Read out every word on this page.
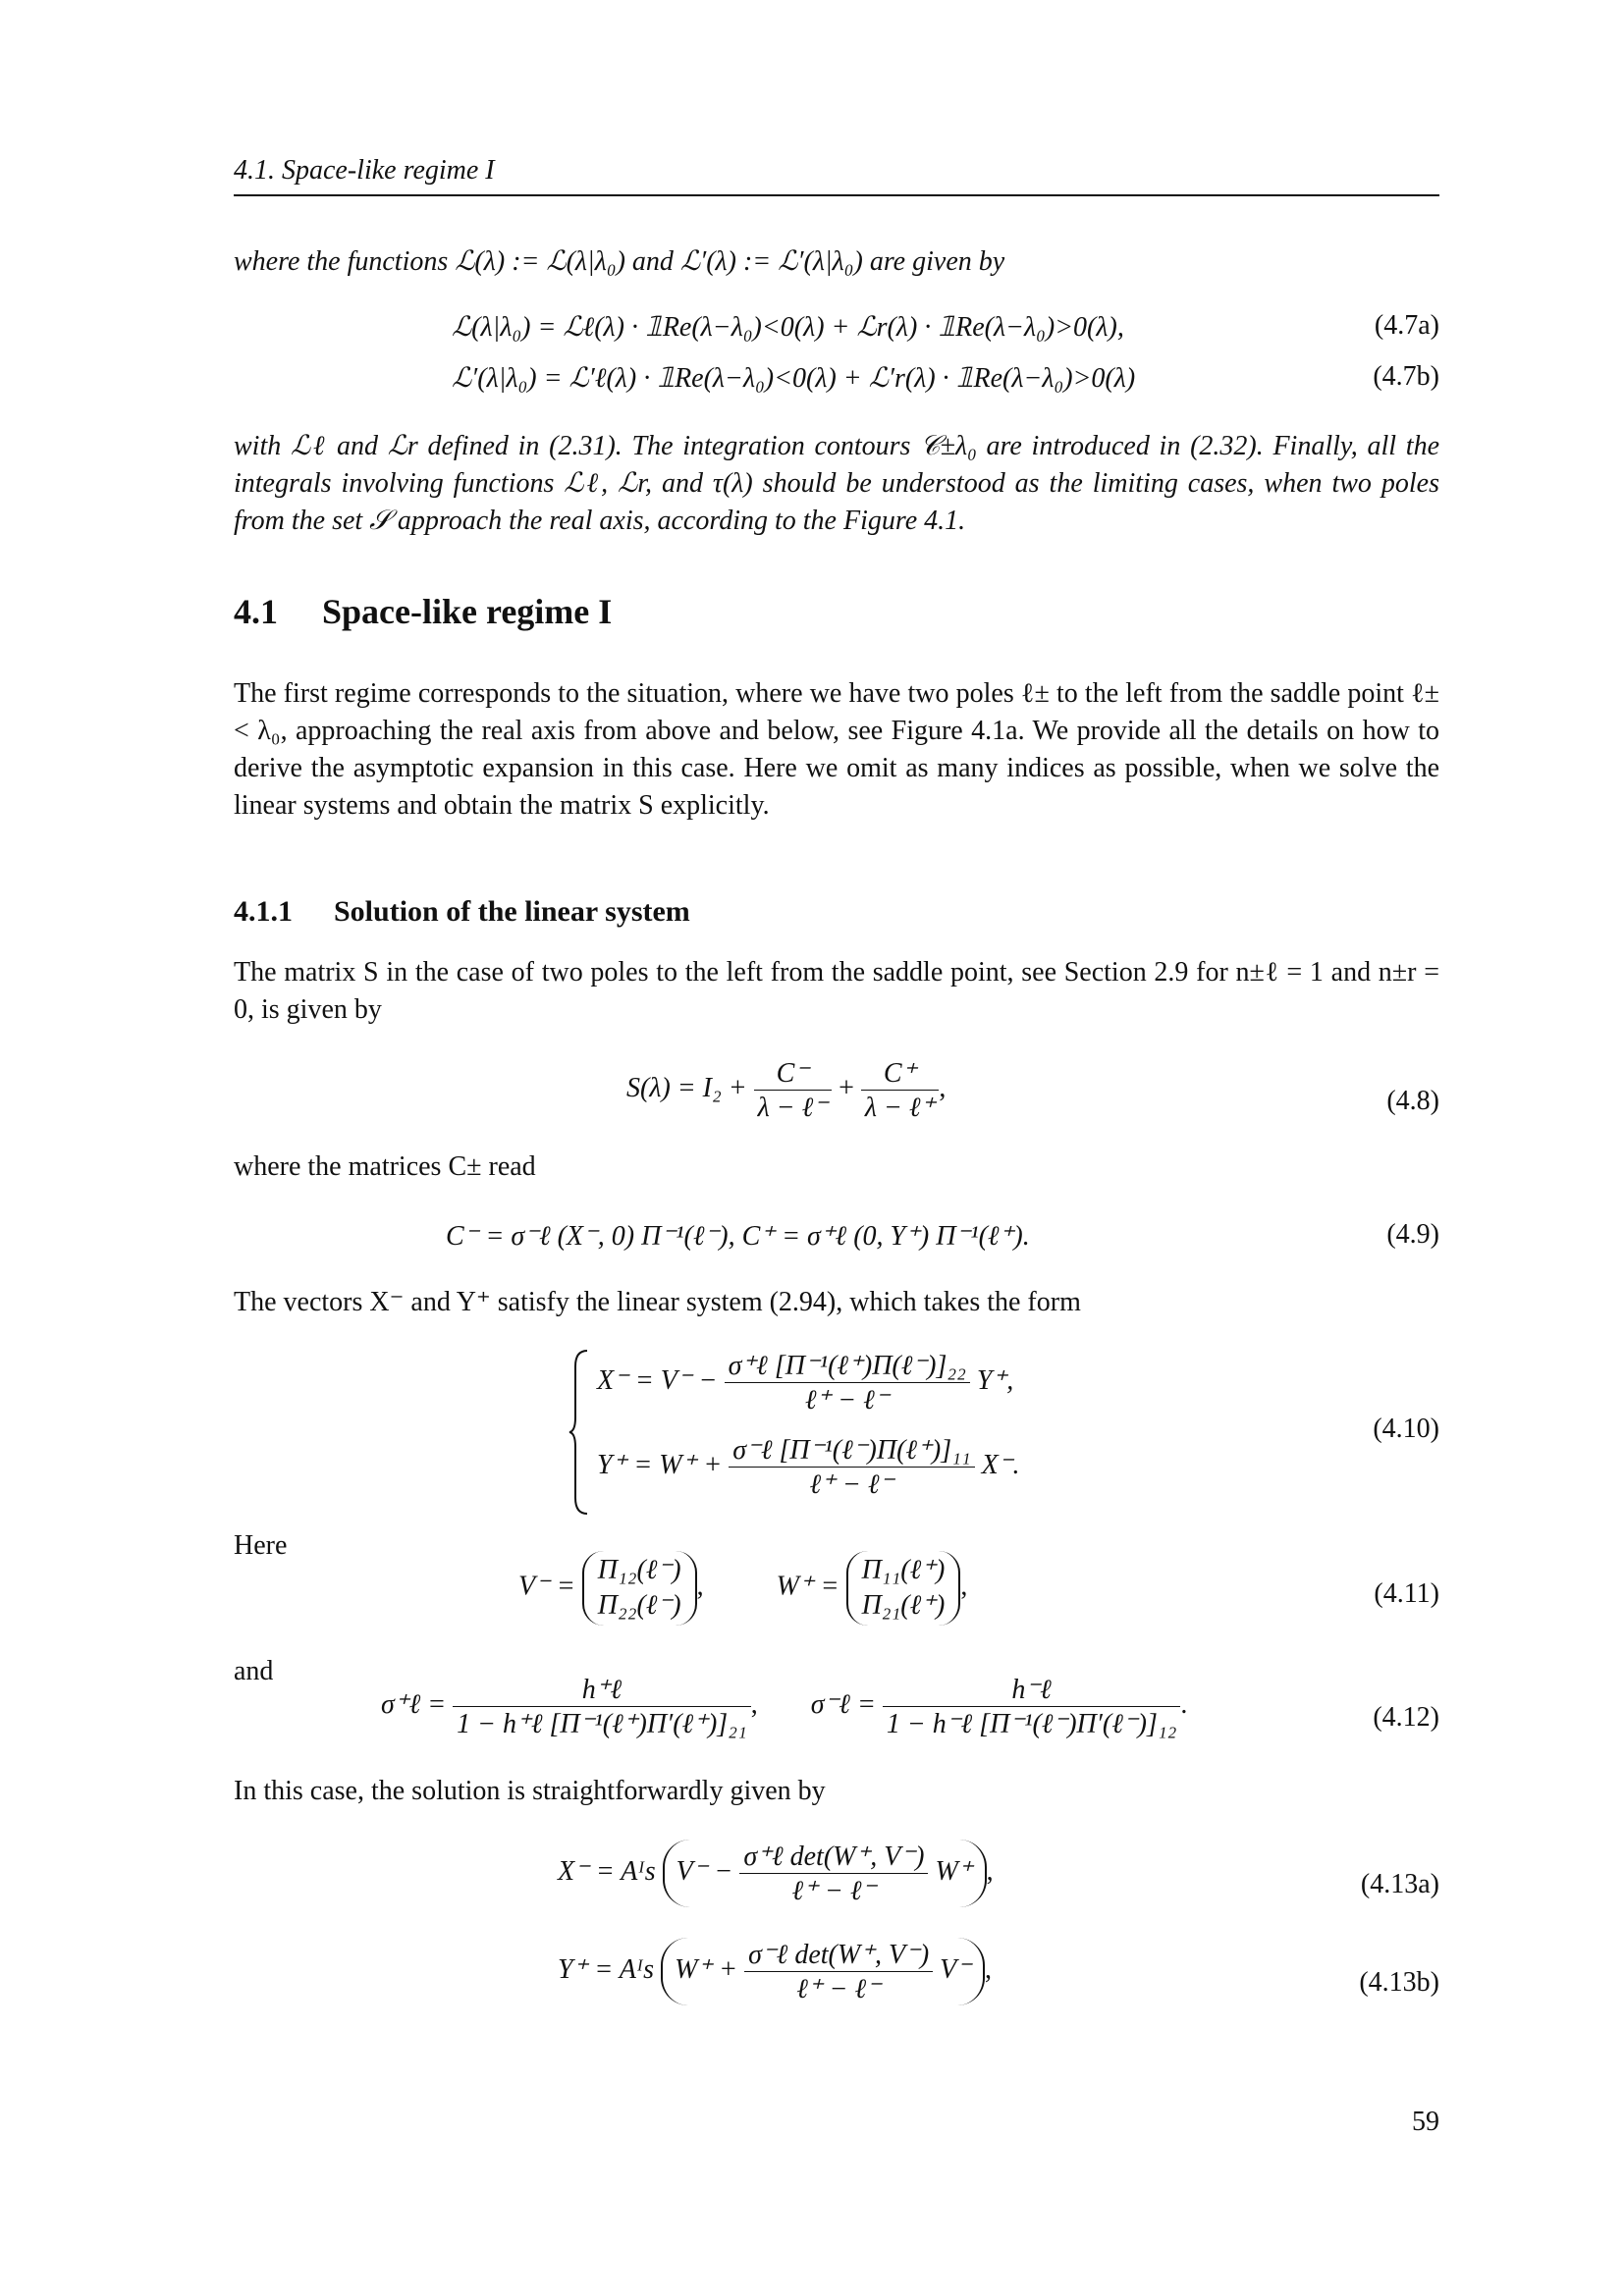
4.1. Space-like regime I
where the functions ℒ(λ) := ℒ(λ|λ₀) and ℒ′(λ) := ℒ′(λ|λ₀) are given by
ℒ(λ|λ₀) = ℒℓ(λ) · 𝟙Re(λ−λ₀)<0(λ) + ℒr(λ) · 𝟙Re(λ−λ₀)>0(λ),	(4.7a)
ℒ′(λ|λ₀) = ℒ′ℓ(λ) · 𝟙Re(λ−λ₀)<0(λ) + ℒ′r(λ) · 𝟙Re(λ−λ₀)>0(λ)	(4.7b)
with ℒℓ and ℒr defined in (2.31). The integration contours 𝒞±λ₀ are introduced in (2.32). Finally, all the integrals involving functions ℒℓ, ℒr, and τ(λ) should be understood as the limiting cases, when two poles from the set 𝒮 approach the real axis, according to the Figure 4.1.
4.1 Space-like regime I
The first regime corresponds to the situation, where we have two poles ℓ± to the left from the saddle point ℓ± < λ₀, approaching the real axis from above and below, see Figure 4.1a. We provide all the details on how to derive the asymptotic expansion in this case. Here we omit as many indices as possible, when we solve the linear systems and obtain the matrix S explicitly.
4.1.1 Solution of the linear system
The matrix S in the case of two poles to the left from the saddle point, see Section 2.9 for n±ℓ = 1 and n±r = 0, is given by
$S(\lambda) = I_2 + \frac{C^-}{\text{λ − ℓ⁻}} + \frac{C^+}{\text{λ − ℓ⁺}}$ ,	(4.8)
where the matrices C± read
C⁻ = σ⁻ℓ (X⁻, 0) Π⁻¹(ℓ⁻), C⁺ = σ⁺ℓ (0, Y⁺) Π⁻¹(ℓ⁺).	(4.9)
The vectors X⁻ and Y⁺ satisfy the linear system (2.94), which takes the form
$X^- = V^- - \frac{\text{σ⁺ℓ [Π⁻¹(ℓ⁺)Π(ℓ⁻)]₂₂}}{\text{ℓ⁺ − ℓ⁻}} Y^+$,
$Y^+ = W^+ + \frac{\text{σ⁻ℓ [Π⁻¹(ℓ⁻)Π(ℓ⁺)]₁₁}}{\text{ℓ⁺ − ℓ⁻}} X^-$.
(4.10)
Here
V⁻ =
Π₁₂(ℓ⁻)
Π₂₂(ℓ⁻)
,	W⁺ =
Π₁₁(ℓ⁺)
Π₂₁(ℓ⁺)
,	(4.11)
and
σ⁺ℓ = $\frac{\text{h⁺ℓ}}{\text{1 − h⁺ℓ [Π⁻¹(ℓ⁺)Π′(ℓ⁺)]₂₁}}$ , σ⁻ℓ = $\frac{\text{h⁻ℓ}}{\text{1 − h⁻ℓ [Π⁻¹(ℓ⁻)Π′(ℓ⁻)]₁₂}}$ .	(4.12)
In this case, the solution is straightforwardly given by
X⁻ = Aᴵs $V^- - \frac{\text{σ⁺ℓ det(W⁺, V⁻)}}{\text{ℓ⁺ − ℓ⁻}} W^+$ ,	(4.13a)
Y⁺ = Aᴵs $W^+ + \frac{\text{σ⁻ℓ det(W⁺, V⁻)}}{\text{ℓ⁺ − ℓ⁻}} V^-$ ,	(4.13b)
59
